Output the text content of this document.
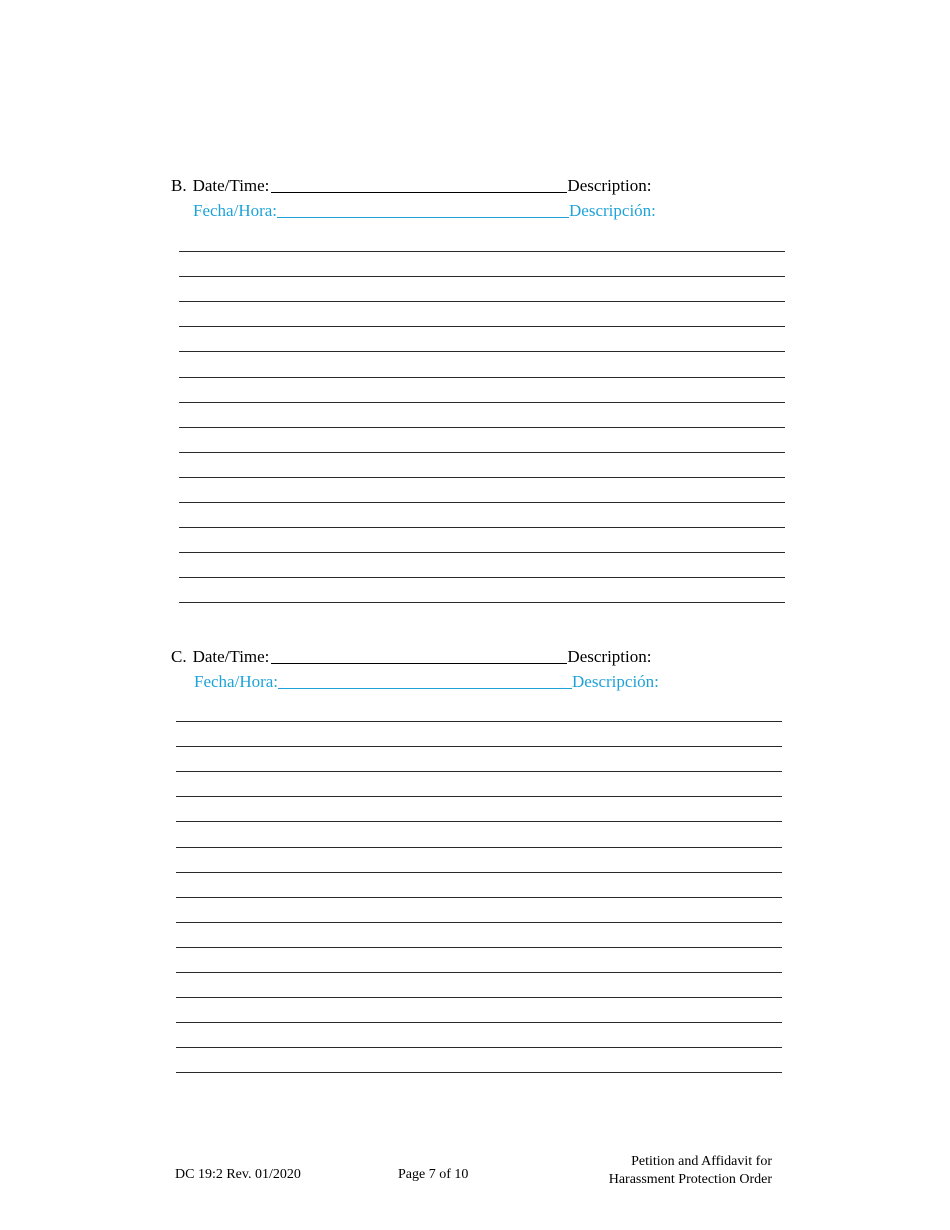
B. Date/Time:	Description:
Fecha/Hora:	Descripción:
C. Date/Time:	Description:
Fecha/Hora:	Descripción:
DC 19:2 Rev. 01/2020	Page 7 of 10
Petition and Affidavit for
Harassment Protection Order
